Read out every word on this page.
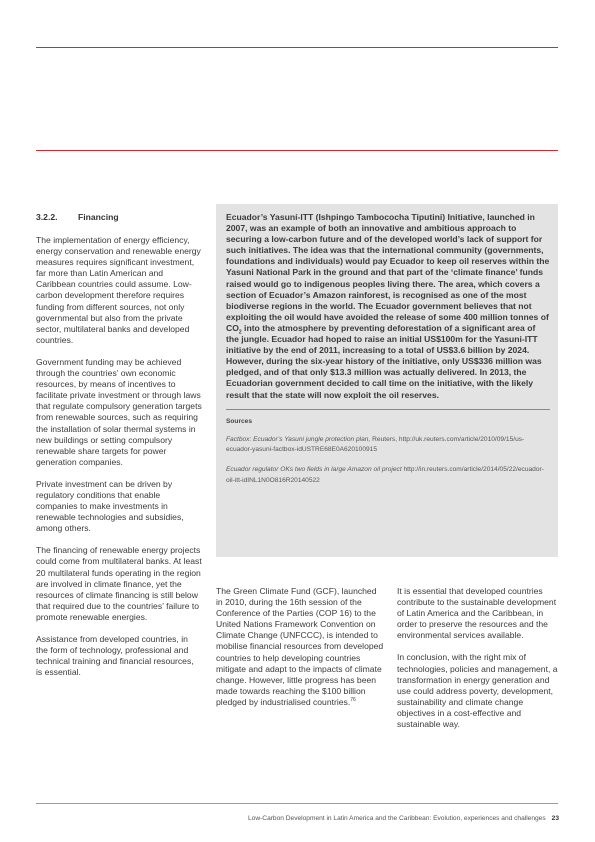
3.2.2. Financing

The implementation of energy efficiency, energy conservation and renewable energy measures requires significant investment, far more than Latin American and Caribbean countries could assume. Low-carbon development therefore requires funding from different sources, not only governmental but also from the private sector, multilateral banks and developed countries.

Government funding may be achieved through the countries’ own economic resources, by means of incentives to facilitate private investment or through laws that regulate compulsory generation targets from renewable sources, such as requiring the installation of solar thermal systems in new buildings or setting compulsory renewable share targets for power generation companies.

Private investment can be driven by regulatory conditions that enable companies to make investments in renewable technologies and subsidies, among others.

The financing of renewable energy projects could come from multilateral banks. At least 20 multilateral funds operating in the region are involved in climate finance, yet the resources of climate financing is still below that required due to the countries’ failure to promote renewable energies.

Assistance from developed countries, in the form of technology, professional and technical training and financial resources, is essential.

Ecuador’s Yasuní-ITT (Ishpingo Tambococha Tiputini) Initiative, launched in 2007, was an example of both an innovative and ambitious approach to securing a low-carbon future and of the developed world’s lack of support for such initiatives. The idea was that the international community (governments, foundations and individuals) would pay Ecuador to keep oil reserves within the Yasuni National Park in the ground and that part of the ‘climate finance’ funds raised would go to indigenous peoples living there. The area, which covers a section of Ecuador’s Amazon rainforest, is recognised as one of the most biodiverse regions in the world. The Ecuador government believes that not exploiting the oil would have avoided the release of some 400 million tonnes of $CO_2$ into the atmosphere by preventing deforestation of a significant area of the jungle. Ecuador had hoped to raise an initial US$100m for the Yasuni-ITT initiative by the end of 2011, increasing to a total of US$3.6 billion by 2024. However, during the six-year history of the initiative, only US$336 million was pledged, and of that only $13.3 million was actually delivered. In 2013, the Ecuadorian government decided to call time on the initiative, with the likely result that the state will now exploit the oil reserves.

Sources

Factbox: Ecuador’s Yasuni jungle protection plan, Reuters, http://uk.reuters.com/article/2010/09/15/us-ecuador-yasuni-factbox-idUSTRE68E0A620100915

Ecuador regulator OKs two fields in large Amazon oil project http://in.reuters.com/article/2014/05/22/ecuador-oil-itt-idINL1N0O816R20140522

The Green Climate Fund (GCF), launched in 2010, during the 16th session of the Conference of the Parties (COP 16) to the United Nations Framework Convention on Climate Change (UNFCCC), is intended to mobilise financial resources from developed countries to help developing countries mitigate and adapt to the impacts of climate change. However, little progress has been made towards reaching the $100 billion pledged by industrialised countries.$^{76}$

It is essential that developed countries contribute to the sustainable development of Latin America and the Caribbean, in order to preserve the resources and the environmental services available.

In conclusion, with the right mix of technologies, policies and management, a transformation in energy generation and use could address poverty, development, sustainability and climate change objectives in a cost-effective and sustainable way.

Low-Carbon Development in Latin America and the Caribbean: Evolution, experiences and challenges 23
